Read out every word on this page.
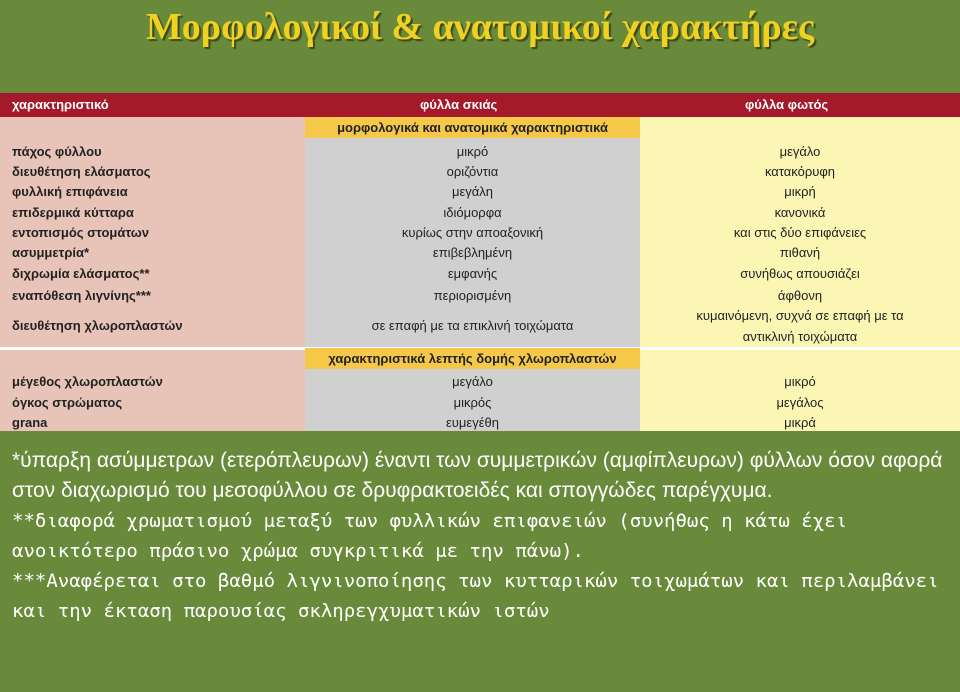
Μορφολογικοί & ανατομικοί χαρακτήρες
χαρακτηριστικό	φύλλα σκιάς	φύλλα φωτός
μορφολογικά και ανατομικά χαρακτηριστικά
πάχος φύλλου	μικρό	μεγάλο
διευθέτηση ελάσματος	οριζόντια	κατακόρυφη
φυλλική επιφάνεια	μεγάλη	μικρή
επιδερμικά κύτταρα	ιδιόμορφα	κανονικά
εντοπισμός στομάτων	κυρίως στην αποαξονική	και στις δύο επιφάνειες
ασυμμετρία*	επιβεβλημένη	πιθανή
διχρωμία ελάσματος**	εμφανής	συνήθως απουσιάζει
εναπόθεση λιγνίνης***	περιορισμένη	άφθονη
διευθέτηση χλωροπλαστών	σε επαφή με τα επικλινή τοιχώματα
κυμαινόμενη, συχνά σε επαφή με τα
αντικλινή τοιχώματα
χαρακτηριστικά λεπτής δομής χλωροπλαστών
μέγεθος χλωροπλαστών	μεγάλο	μικρό
όγκος στρώματος	μικρός	μεγάλος
grana	ευμεγέθη	μικρά
*ύπαρξη ασύμμετρων (ετερόπλευρων) έναντι των συμμετρικών (αμφίπλευρων) φύλλων όσον αφορά στον διαχωρισμό του μεσοφύλλου σε δρυφρακτοειδές και σπογγώδες παρέγχυμα.
**διαφορά χρωματισμού μεταξύ των φυλλικών επιφανειών (συνήθως η κάτω έχει ανοικτότερο πράσινο χρώμα συγκριτικά με την πάνω).
***Αναφέρεται στο βαθμό λιγνινοποίησης των κυτταρικών τοιχωμάτων και περιλαμβάνει και την έκταση παρουσίας σκληρεγχυματικών ιστών
